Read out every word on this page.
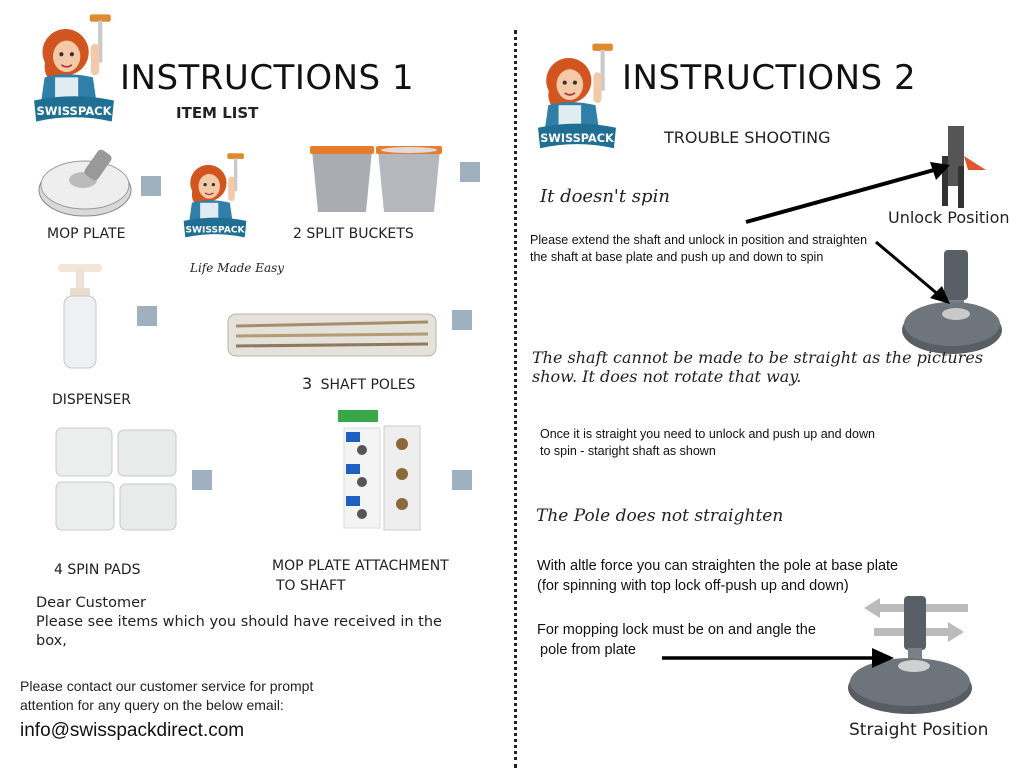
INSTRUCTIONS 1
ITEM LIST
MOP PLATE
Life Made Easy
2 SPLIT BUCKETS
DISPENSER
3 SHAFT POLES
4 SPIN PADS	MOP PLATE ATTACHMENT
TO SHAFT
Dear Customer
Please see items which you should have received in the
box,
Please contact our customer service for prompt
attention for any query on the below email:
info@swisspackdirect.com
INSTRUCTIONS 2
TROUBLE SHOOTING
Unlock Position
It doesn't spin
Please extend the shaft and unlock in position and straighten
the shaft at base plate and push up and down to spin
The shaft cannot be made to be straight as the pictures
show. It does not rotate that way.
Once it is straight you need to unlock and push up and down
to spin - staright shaft as shown
The Pole does not straighten
With altle force you can straighten the pole at base plate
(for spinning with top lock off-push up and down)
For mopping lock must be on and angle the
pole from plate
Straight Position
